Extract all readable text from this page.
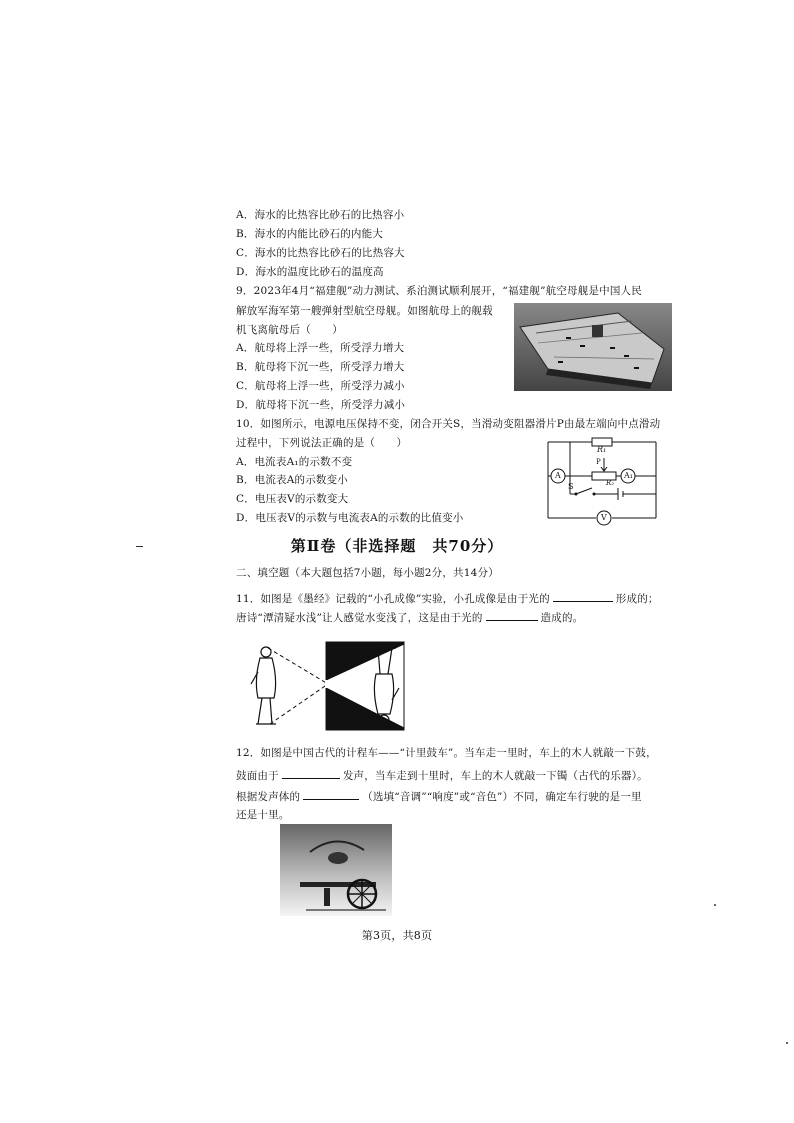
A．海水的比热容比砂石的比热容小
B．海水的内能比砂石的内能大
C．海水的比热容比砂石的比热容大
D．海水的温度比砂石的温度高
9．2023年4月“福建舰”动力测试、系泊测试顺利展开，“福建舰”航空母舰是中国人民
解放军海军第一艘弹射型航空母舰。如图航母上的舰载
机飞离航母后（　　）
A．航母将上浮一些，所受浮力增大
B．航母将下沉一些，所受浮力增大
C．航母将上浮一些，所受浮力减小
D．航母将下沉一些，所受浮力减小
10．如图所示，电源电压保持不变，闭合开关S，当滑动变阻器滑片P由最左端向中点滑动
过程中，下列说法正确的是（　　）
A．电流表A₁的示数不变
B．电流表A的示数变小
C．电压表V的示数变大
D．电压表V的示数与电流表A的示数的比值变小
R₁
P
R₂
A	A₁
S
V
第Ⅱ卷（非选择题　共70分）
二、填空题（本大题包括7小题，每小题2分，共14分）
11．如图是《墨经》记载的“小孔成像”实验，小孔成像是由于光的	形成的；
唐诗“潭清疑水浅”让人感觉水变浅了，这是由于光的	造成的。
12．如图是中国古代的计程车——“计里鼓车”。当车走一里时，车上的木人就敲一下鼓，
鼓面由于	发声，当车走到十里时，车上的木人就敲一下镯（古代的乐器）。
根据发声体的	（选填“音调”“响度”或“音色”）不同，确定车行驶的是一里
还是十里。
第3页，共8页
